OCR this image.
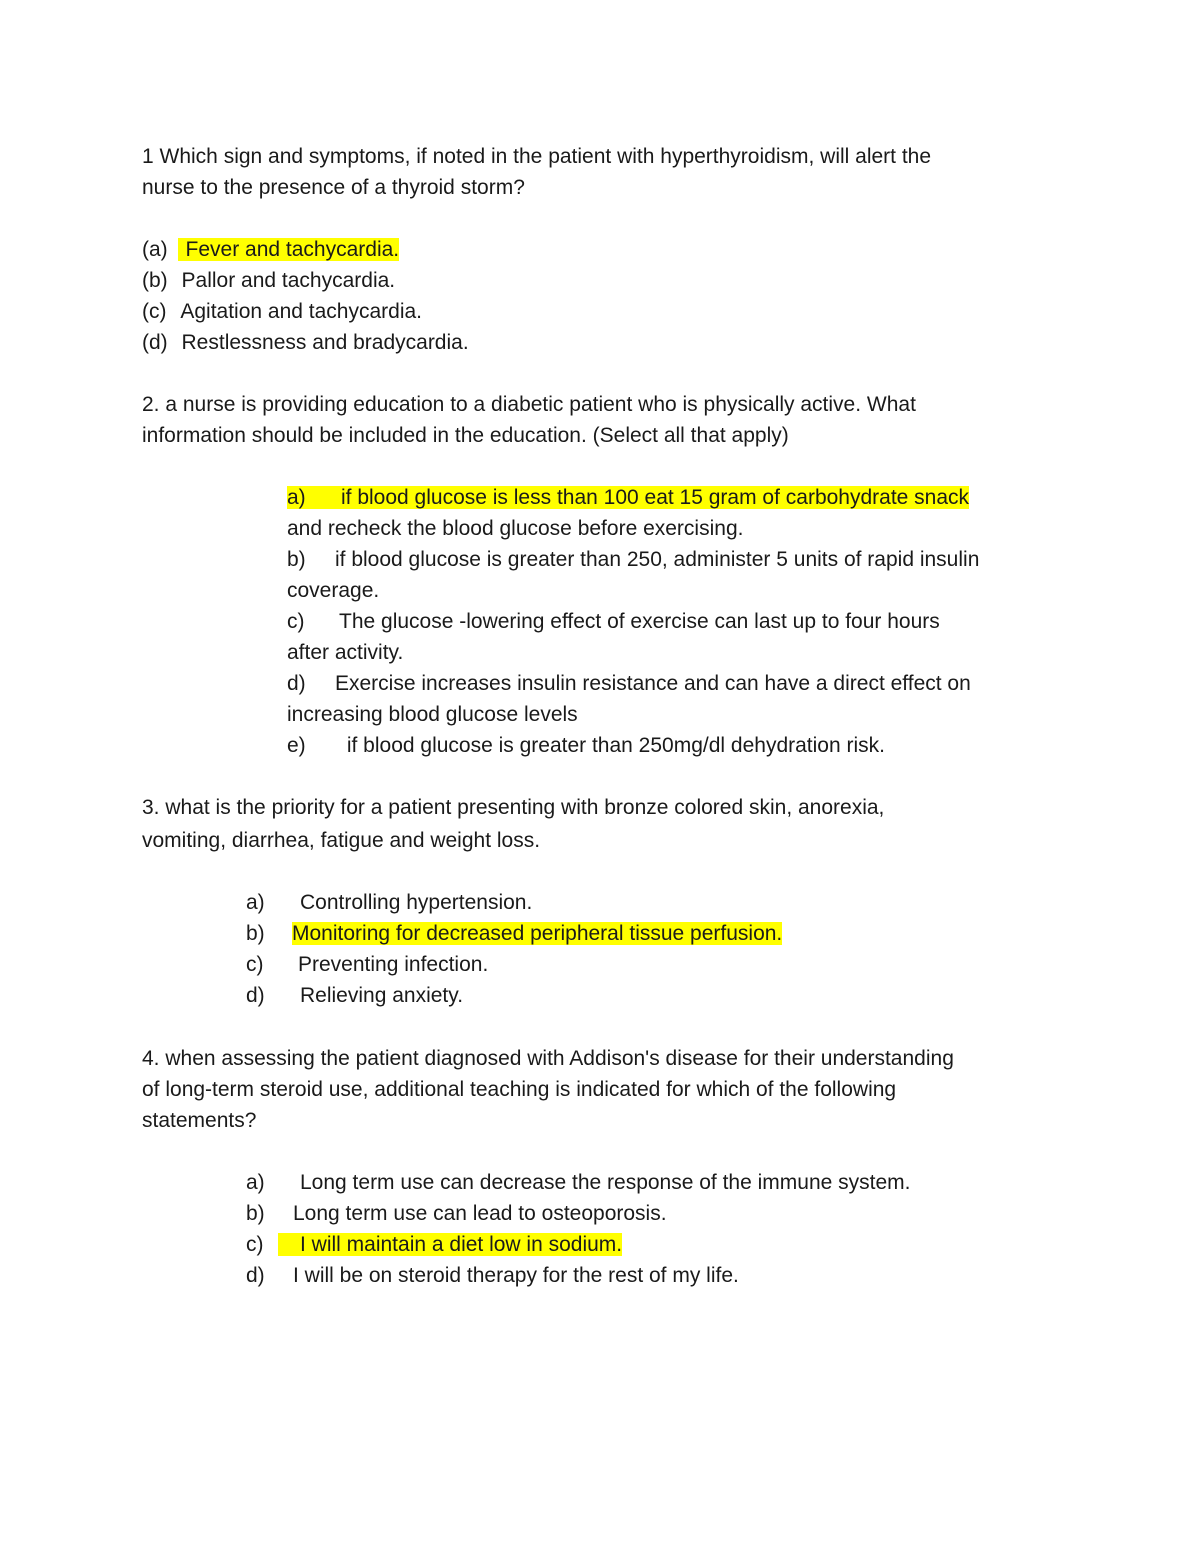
1 Which sign and symptoms, if noted in the patient with hyperthyroidism, will alert the
nurse to the presence of a thyroid storm?
(a) Fever and tachycardia.
(b) Pallor and tachycardia.
(c) Agitation and tachycardia.
(d) Restlessness and bradycardia.
2. a nurse is providing education to a diabetic patient who is physically active. What
information should be included in the education. (Select all that apply)
a) if blood glucose is less than 100 eat 15 gram of carbohydrate snack
and recheck the blood glucose before exercising.
b) if blood glucose is greater than 250, administer 5 units of rapid insulin
coverage.
c) The glucose -lowering effect of exercise can last up to four hours
after activity.
d) Exercise increases insulin resistance and can have a direct effect on
increasing blood glucose levels
e) if blood glucose is greater than 250mg/dl dehydration risk.
3. what is the priority for a patient presenting with bronze colored skin, anorexia,
vomiting, diarrhea, fatigue and weight loss.
a) Controlling hypertension.
b) Monitoring for decreased peripheral tissue perfusion.
c) Preventing infection.
d) Relieving anxiety.
4. when assessing the patient diagnosed with Addison's disease for their understanding
of long-term steroid use, additional teaching is indicated for which of the following
statements?
a) Long term use can decrease the response of the immune system.
b) Long term use can lead to osteoporosis.
c) I will maintain a diet low in sodium.
d) I will be on steroid therapy for the rest of my life.
